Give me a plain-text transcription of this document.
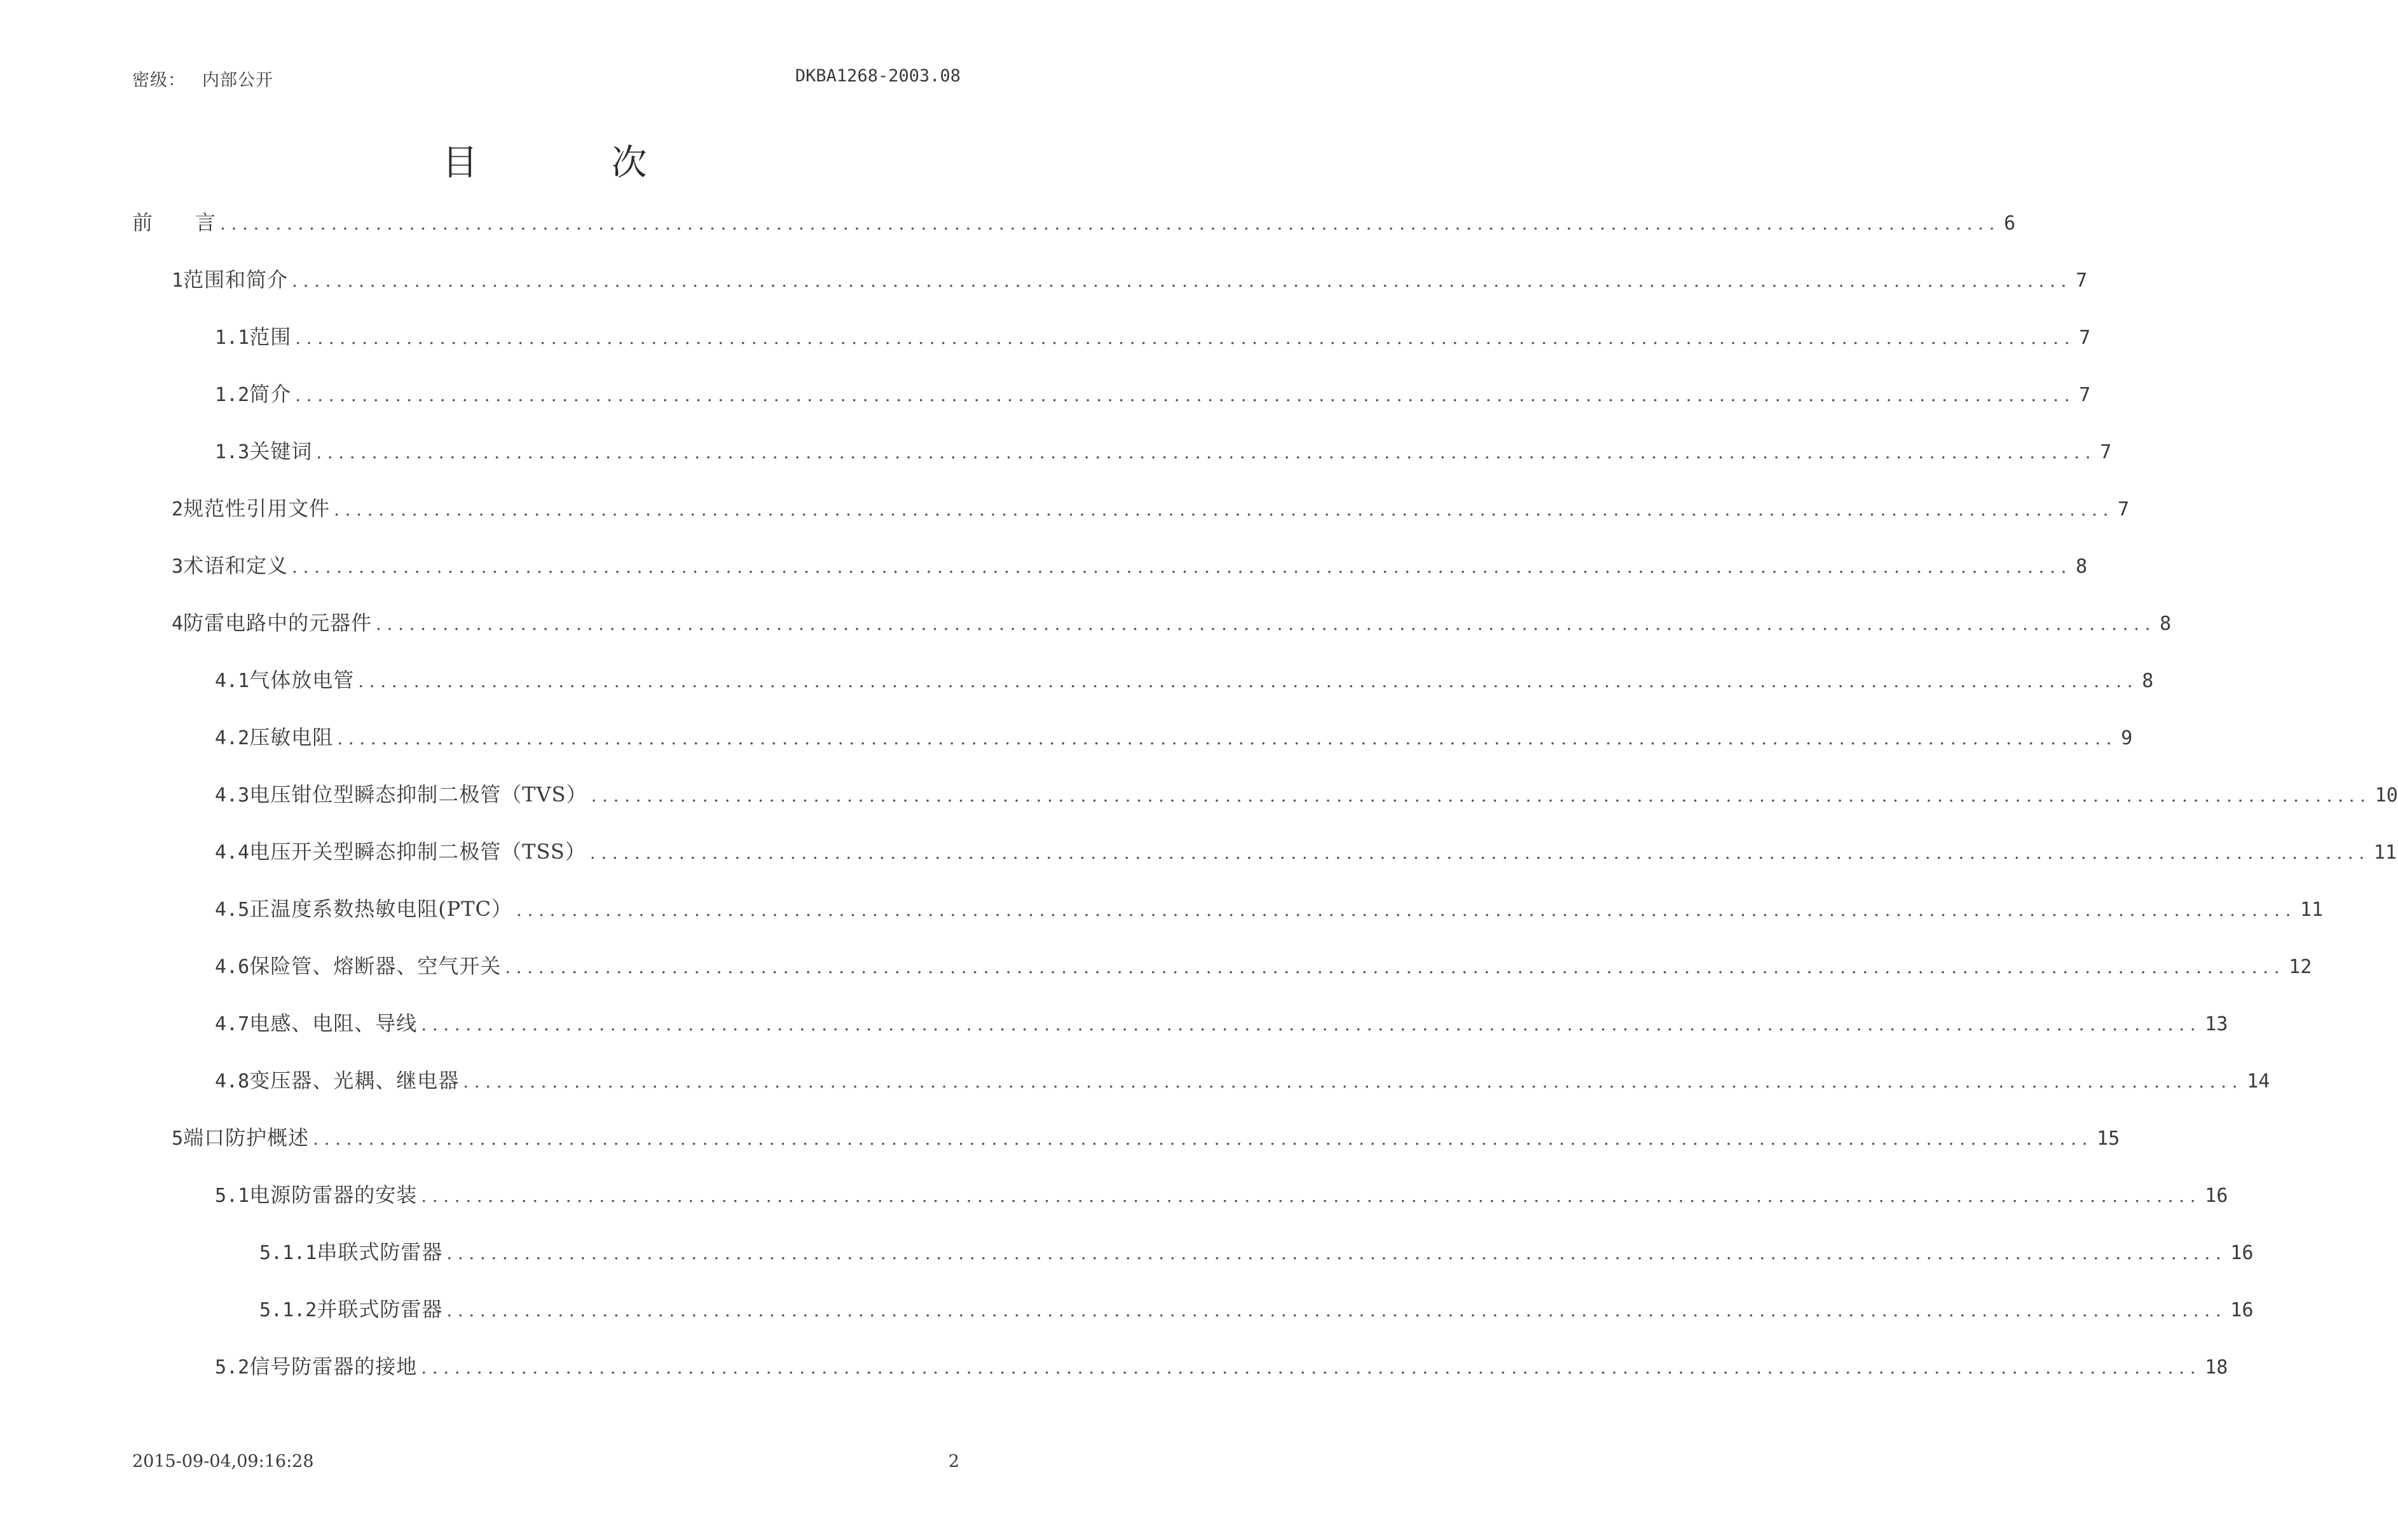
密级： 内部公开	DKBA1268-2003.08
目	次
前　　言 ................................................................................................................................................................ 6
1 范围和简介 ................................................................................................................................................................ 7
1.1 范围 ................................................................................................................................................................ 7
1.2 简介 ................................................................................................................................................................ 7
1.3 关键词 ................................................................................................................................................................ 7
2 规范性引用文件 ................................................................................................................................................................ 7
3 术语和定义 ................................................................................................................................................................ 8
4 防雷电路中的元器件 ................................................................................................................................................................ 8
4.1 气体放电管 ................................................................................................................................................................ 8
4.2 压敏电阻 ................................................................................................................................................................ 9
4.3 电压钳位型瞬态抑制二极管（TVS） ................................................................................................................................................................ 10
4.4 电压开关型瞬态抑制二极管（TSS） ................................................................................................................................................................ 11
4.5 正温度系数热敏电阻(PTC） ................................................................................................................................................................ 11
4.6 保险管、熔断器、空气开关 ................................................................................................................................................................ 12
4.7 电感、电阻、导线 ................................................................................................................................................................ 13
4.8 变压器、光耦、继电器 ................................................................................................................................................................ 14
5 端口防护概述 ................................................................................................................................................................ 15
5.1 电源防雷器的安装 ................................................................................................................................................................ 16
5.1.1 串联式防雷器 ................................................................................................................................................................ 16
5.1.2 并联式防雷器 ................................................................................................................................................................ 16
5.2 信号防雷器的接地 ................................................................................................................................................................ 18
2015-09-04,09:16:28	2
